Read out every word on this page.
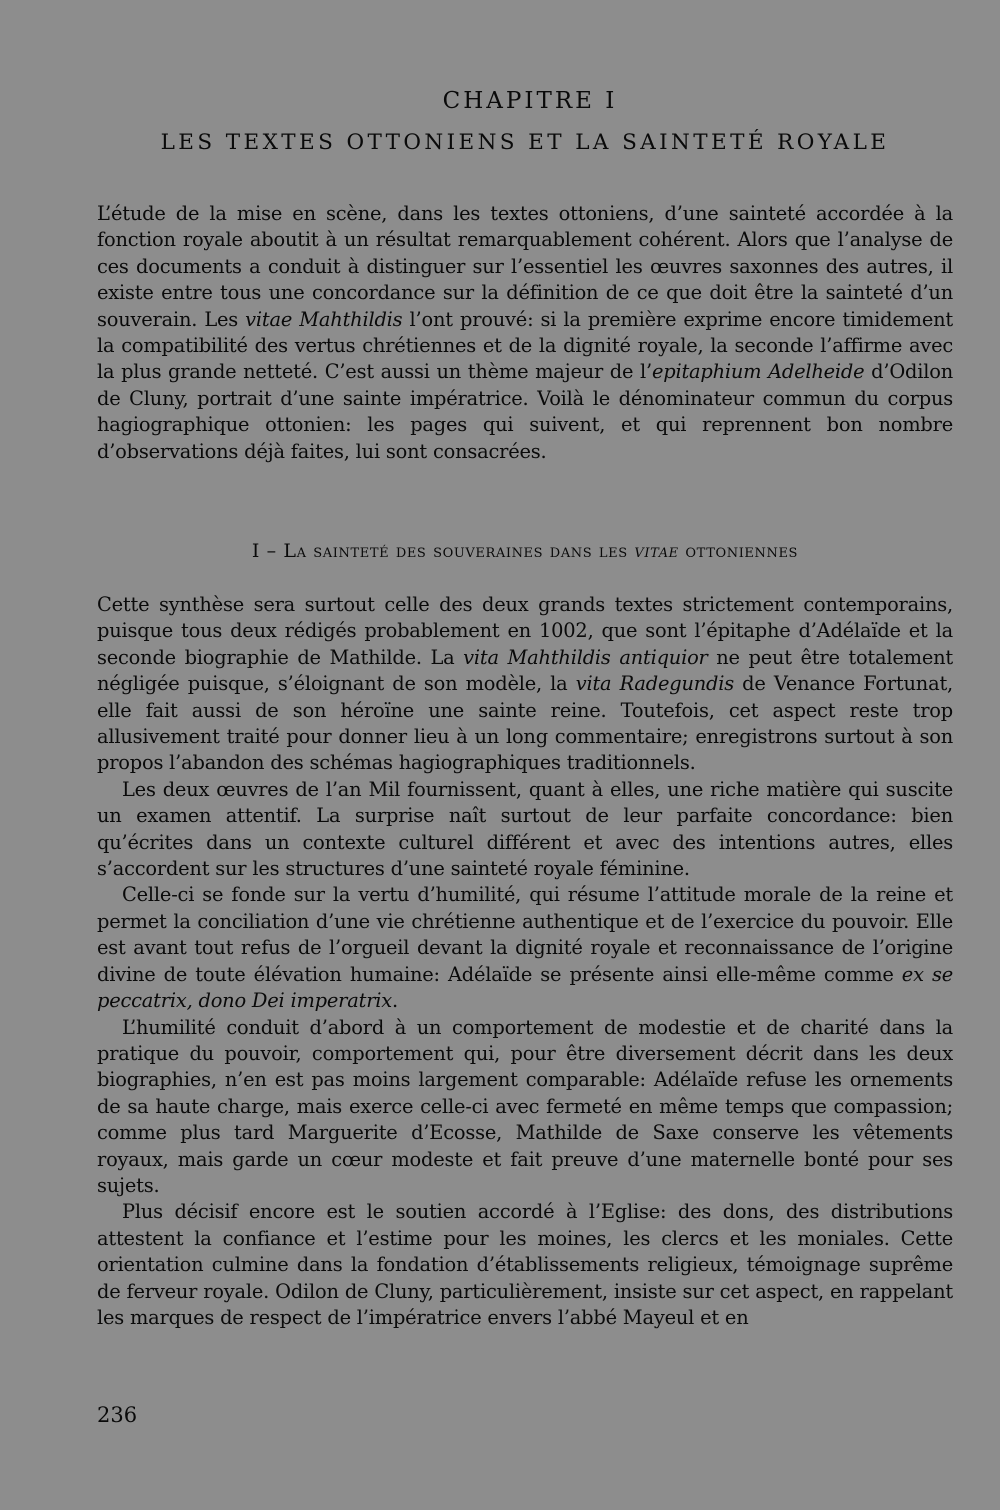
CHAPITRE I
LES TEXTES OTTONIENS ET LA SAINTETÉ ROYALE

L’étude de la mise en scène, dans les textes ottoniens, d’une sainteté accordée à la fonction royale aboutit à un résultat remarquablement cohérent. Alors que l’analyse de ces documents a conduit à distinguer sur l’essentiel les œuvres saxonnes des autres, il existe entre tous une concordance sur la définition de ce que doit être la sainteté d’un souverain. Les vitae Mahthildis l’ont prouvé: si la première exprime encore timidement la compatibilité des vertus chrétiennes et de la dignité royale, la seconde l’affirme avec la plus grande netteté. C’est aussi un thème majeur de l’epitaphium Adelheide d’Odilon de Cluny, portrait d’une sainte impératrice. Voilà le dénominateur commun du corpus hagiographique ottonien: les pages qui suivent, et qui reprennent bon nombre d’observations déjà faites, lui sont consacrées.

I – La sainteté des souveraines dans les vitae ottoniennes

Cette synthèse sera surtout celle des deux grands textes strictement contemporains, puisque tous deux rédigés probablement en 1002, que sont l’épitaphe d’Adélaïde et la seconde biographie de Mathilde. La vita Mahthildis antiquior ne peut être totalement négligée puisque, s’éloignant de son modèle, la vita Radegundis de Venance Fortunat, elle fait aussi de son héroïne une sainte reine. Toutefois, cet aspect reste trop allusivement traité pour donner lieu à un long commentaire; enregistrons surtout à son propos l’abandon des schémas hagiographiques traditionnels.

Les deux œuvres de l’an Mil fournissent, quant à elles, une riche matière qui suscite un examen attentif. La surprise naît surtout de leur parfaite concordance: bien qu’écrites dans un contexte culturel différent et avec des intentions autres, elles s’accordent sur les structures d’une sainteté royale féminine.

Celle-ci se fonde sur la vertu d’humilité, qui résume l’attitude morale de la reine et permet la conciliation d’une vie chrétienne authentique et de l’exercice du pouvoir. Elle est avant tout refus de l’orgueil devant la dignité royale et reconnaissance de l’origine divine de toute élévation humaine: Adélaïde se présente ainsi elle-même comme ex se peccatrix, dono Dei imperatrix.

L’humilité conduit d’abord à un comportement de modestie et de charité dans la pratique du pouvoir, comportement qui, pour être diversement décrit dans les deux biographies, n’en est pas moins largement comparable: Adélaïde refuse les ornements de sa haute charge, mais exerce celle-ci avec fermeté en même temps que compassion; comme plus tard Marguerite d’Ecosse, Mathilde de Saxe conserve les vêtements royaux, mais garde un cœur modeste et fait preuve d’une maternelle bonté pour ses sujets.

Plus décisif encore est le soutien accordé à l’Eglise: des dons, des distributions attestent la confiance et l’estime pour les moines, les clercs et les moniales. Cette orientation culmine dans la fondation d’établissements religieux, témoignage suprême de ferveur royale. Odilon de Cluny, particulièrement, insiste sur cet aspect, en rappelant les marques de respect de l’impératrice envers l’abbé Mayeul et en

236
